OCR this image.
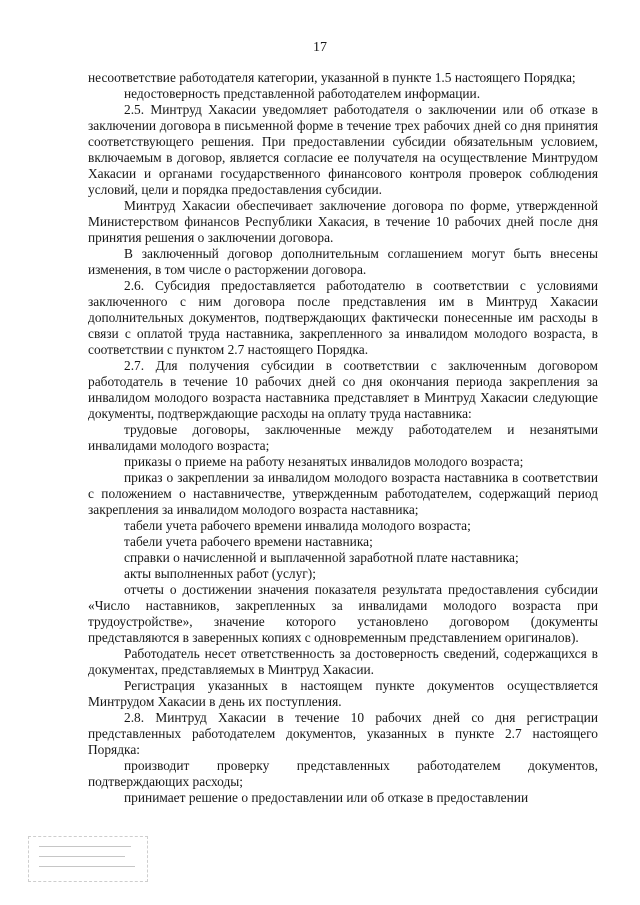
17

несоответствие работодателя категории, указанной в пункте 1.5 настоящего Порядка;

недостоверность представленной работодателем информации.

2.5. Минтруд Хакасии уведомляет работодателя о заключении или об отказе в заключении договора в письменной форме в течение трех рабочих дней со дня принятия соответствующего решения. При предоставлении субсидии обязательным условием, включаемым в договор, является согласие ее получателя на осуществление Минтрудом Хакасии и органами государственного финансового контроля проверок соблюдения условий, цели и порядка предоставления субсидии.

Минтруд Хакасии обеспечивает заключение договора по форме, утвержденной Министерством финансов Республики Хакасия, в течение 10 рабочих дней после дня принятия решения о заключении договора.

В заключенный договор дополнительным соглашением могут быть внесены изменения, в том числе о расторжении договора.

2.6. Субсидия предоставляется работодателю в соответствии с условиями заключенного с ним договора после представления им в Минтруд Хакасии дополнительных документов, подтверждающих фактически понесенные им расходы в связи с оплатой труда наставника, закрепленного за инвалидом молодого возраста, в соответствии с пунктом 2.7 настоящего Порядка.

2.7. Для получения субсидии в соответствии с заключенным договором работодатель в течение 10 рабочих дней со дня окончания периода закрепления за инвалидом молодого возраста наставника представляет в Минтруд Хакасии следующие документы, подтверждающие расходы на оплату труда наставника:

трудовые договоры, заключенные между работодателем и незанятыми инвалидами молодого возраста;

приказы о приеме на работу незанятых инвалидов молодого возраста;

приказ о закреплении за инвалидом молодого возраста наставника в соответствии с положением о наставничестве, утвержденным работодателем, содержащий период закрепления за инвалидом молодого возраста наставника;

табели учета рабочего времени инвалида молодого возраста;

табели учета рабочего времени наставника;

справки о начисленной и выплаченной заработной плате наставника;

акты выполненных работ (услуг);

отчеты о достижении значения показателя результата предоставления субсидии «Число наставников, закрепленных за инвалидами молодого возраста при трудоустройстве», значение которого установлено договором (документы представляются в заверенных копиях с одновременным представлением оригиналов).

Работодатель несет ответственность за достоверность сведений, содержащихся в документах, представляемых в Минтруд Хакасии.

Регистрация указанных в настоящем пункте документов осуществляется Минтрудом Хакасии в день их поступления.

2.8. Минтруд Хакасии в течение 10 рабочих дней со дня регистрации представленных работодателем документов, указанных в пункте 2.7 настоящего Порядка:

производит проверку представленных работодателем документов, подтверждающих расходы;

принимает решение о предоставлении или об отказе в предоставлении
